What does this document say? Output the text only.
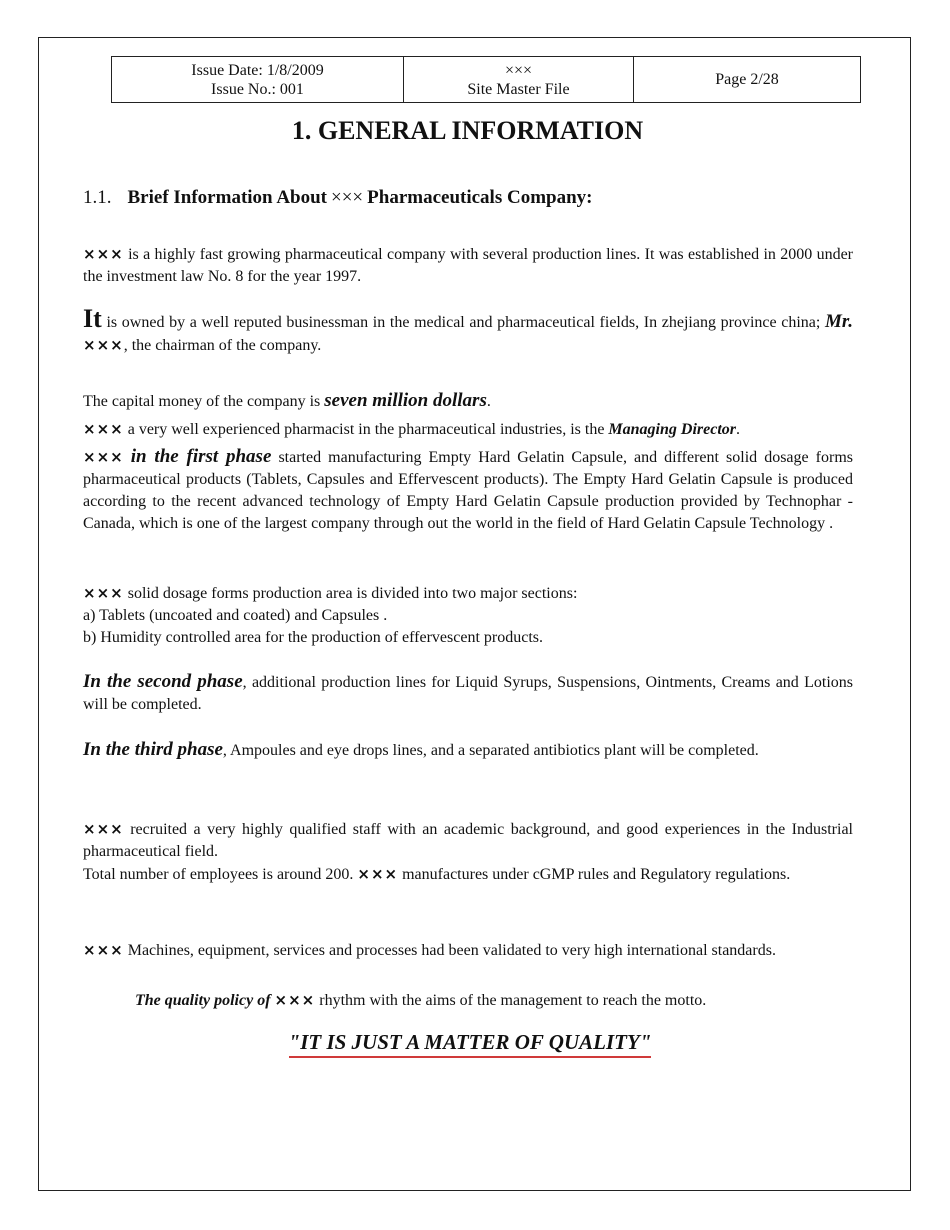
Issue Date: 1/8/2009
Issue No.: 001

×××
Site Master File
	Page 2/28
1. GENERAL INFORMATION

1.1. Brief Information About ××× Pharmaceuticals Company:

××× is a highly fast growing pharmaceutical company with several production lines. It was established in 2000 under the investment law No. 8 for the year 1997.

It is owned by a well reputed businessman in the medical and pharmaceutical fields, In zhejiang province china; Mr. ×××, the chairman of the company.

The capital money of the company is seven million dollars.

××× a very well experienced pharmacist in the pharmaceutical industries, is the Managing Director.

××× in the first phase started manufacturing Empty Hard Gelatin Capsule, and different solid dosage forms pharmaceutical products (Tablets, Capsules and Effervescent products). The Empty Hard Gelatin Capsule is produced according to the recent advanced technology of Empty Hard Gelatin Capsule production provided by Technophar -Canada, which is one of the largest company through out the world in the field of Hard Gelatin Capsule Technology .

××× solid dosage forms production area is divided into two major sections:
a) Tablets (uncoated and coated) and Capsules .
b) Humidity controlled area for the production of effervescent products.

In the second phase, additional production lines for Liquid Syrups, Suspensions, Ointments, Creams and Lotions will be completed.

In the third phase, Ampoules and eye drops lines, and a separated antibiotics plant will be completed.

××× recruited a very highly qualified staff with an academic background, and good experiences in the Industrial pharmaceutical field.
Total number of employees is around 200. ××× manufactures under cGMP rules and Regulatory regulations.

××× Machines, equipment, services and processes had been validated to very high international standards.

The quality policy of ××× rhythm with the aims of the management to reach the motto.

"IT IS JUST A MATTER OF QUALITY"
